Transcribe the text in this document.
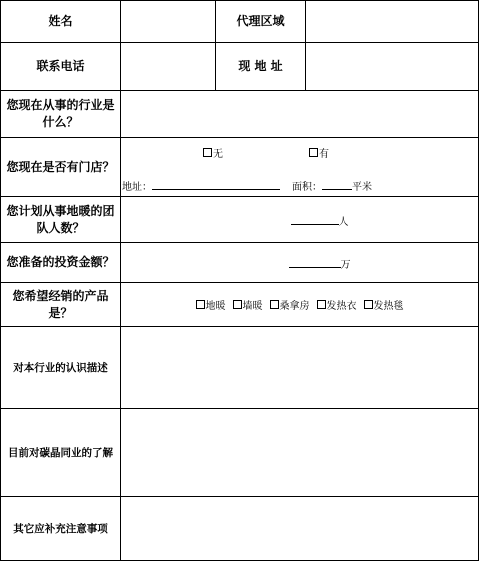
姓名	代理区域
联系电话	现 地 址
您现在从事的行业是什么？
您现在是否有门店？
无	有
地址：	面积：	平米
您计划从事地暖的团队人数？	人
您准备的投资金额？	万
您希望经销的产品是？	地暖 墙暖 桑拿房 发热衣 发热毯
对本行业的认识描述
目前对碳晶同业的了解
其它应补充注意事项
